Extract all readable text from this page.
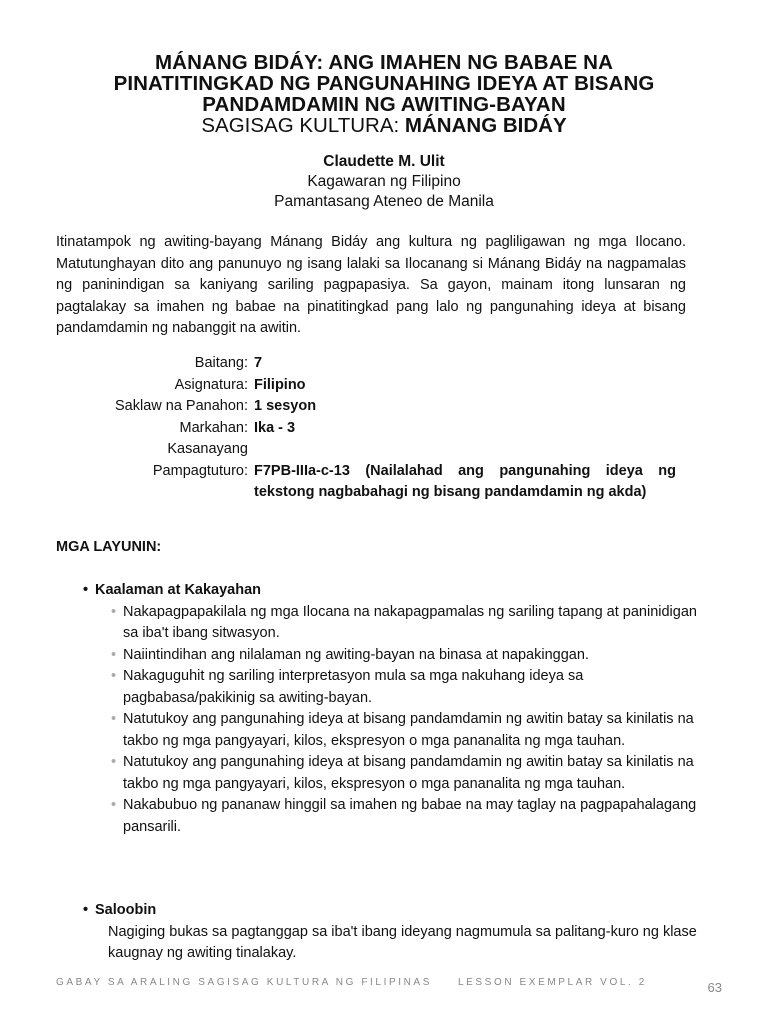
MÁNANG BIDÁY: ANG IMAHEN NG BABAE NA
PINATITINGKAD NG PANGUNAHING IDEYA AT BISANG
PANDAMDAMIN NG AWITING-BAYAN
SAGISAG KULTURA: MÁNANG BIDÁY
Claudette M. Ulit
Kagawaran ng Filipino
Pamantasang Ateneo de Manila

Itinatampok ng awiting-bayang Mánang Bidáy ang kultura ng pagliligawan ng mga Ilocano. Matutunghayan dito ang panunuyo ng isang lalaki sa Ilocanang si Mánang Bidáy na nagpamalas ng paninindigan sa kaniyang sariling pagpapasiya. Sa gayon, mainam itong lunsaran ng pagtalakay sa imahen ng babae na pinatitingkad pang lalo ng pangunahing ideya at bisang pandamdamin ng nabanggit na awitin.

Baitang: 7
Asignatura: Filipino
Saklaw na Panahon: 1 sesyon
Markahan: Ika - 3
Kasanayang
Pampagtuturo: F7PB-IIIa-c-13 (Nailalahad ang pangunahing ideya ng tekstong nagbabahagi ng bisang pandamdamin ng akda)
MGA LAYUNIN:
• Kaalaman at Kakayahan
• Nakapagpapakilala ng mga Ilocana na nakapagpamalas ng sariling tapang at paninidigan sa iba't ibang sitwasyon.
• Naiintindihan ang nilalaman ng awiting-bayan na binasa at napakinggan.
• Nakaguguhit ng sariling interpretasyon mula sa mga nakuhang ideya sa pagbabasa/pakikinig sa awiting-bayan.
• Natutukoy ang pangunahing ideya at bisang pandamdamin ng awitin batay sa kinilatis na takbo ng mga pangyayari, kilos, ekspresyon o mga pananalita ng mga tauhan.
• Natutukoy ang pangunahing ideya at bisang pandamdamin ng awitin batay sa kinilatis na takbo ng mga pangyayari, kilos, ekspresyon o mga pananalita ng mga tauhan.
• Nakabubuo ng pananaw hinggil sa imahen ng babae na may taglay na pagpapahalagang pansarili.
• Saloobin
Nagiging bukas sa pagtanggap sa iba't ibang ideyang nagmumula sa palitang-kuro ng klase kaugnay ng awiting tinalakay.
GABAY SA ARALING SAGISAG KULTURA NG FILIPINAS	LESSON EXEMPLAR VOL. 2	63
